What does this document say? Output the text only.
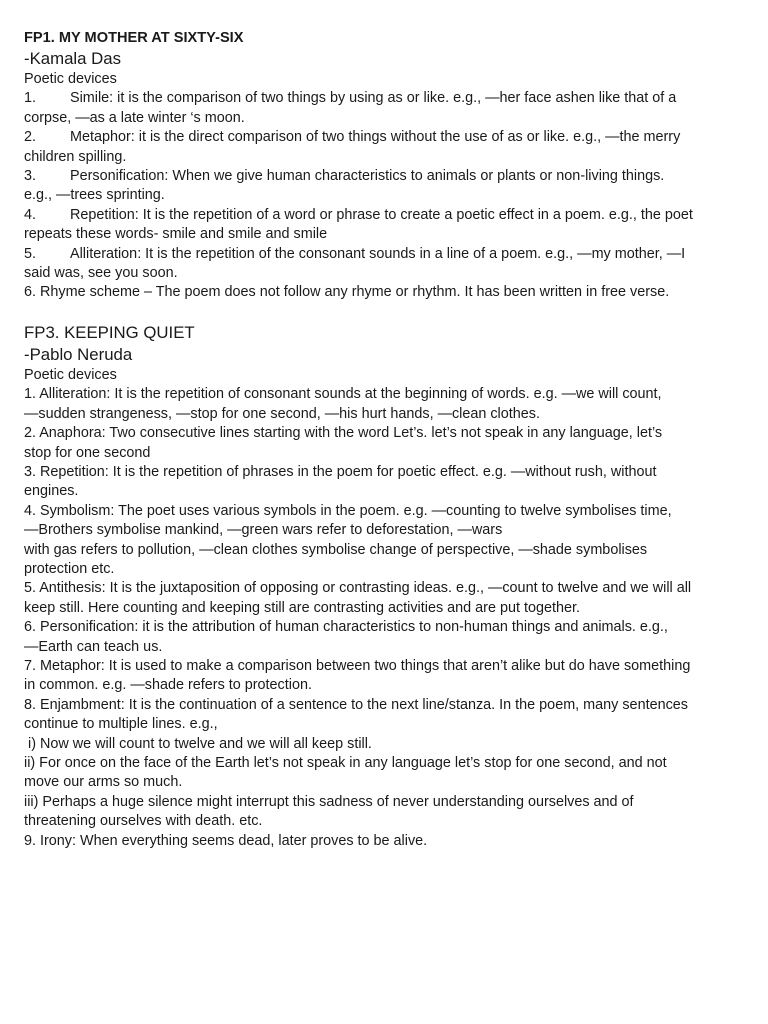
FP1. MY MOTHER AT SIXTY-SIX

-Kamala Das

Poetic devices

1. Simile: it is the comparison of two things by using as or like. e.g., —her face ashen like that of a

corpse, —as a late winter ‘s moon.

2. Metaphor: it is the direct comparison of two things without the use of as or like. e.g., —the merry

children spilling.

3. Personification: When we give human characteristics to animals or plants or non-living things.

e.g., —trees sprinting.

4. Repetition: It is the repetition of a word or phrase to create a poetic effect in a poem. e.g., the poet

repeats these words- smile and smile and smile

5. Alliteration: It is the repetition of the consonant sounds in a line of a poem. e.g., —my mother, —I

said was, see you soon.

6. Rhyme scheme – The poem does not follow any rhyme or rhythm. It has been written in free verse.

FP3. KEEPING QUIET

-Pablo Neruda

Poetic devices

1. Alliteration: It is the repetition of consonant sounds at the beginning of words. e.g. —we will count,

—sudden strangeness, —stop for one second, —his hurt hands, —clean clothes.

2. Anaphora: Two consecutive lines starting with the word Let’s. let’s not speak in any language, let’s

stop for one second

3. Repetition: It is the repetition of phrases in the poem for poetic effect. e.g. —without rush, without

engines.

4. Symbolism: The poet uses various symbols in the poem. e.g. —counting to twelve symbolises time,

—Brothers symbolise mankind, —green wars refer to deforestation, —wars

with gas refers to pollution, —clean clothes symbolise change of perspective, —shade symbolises

protection etc.

5. Antithesis: It is the juxtaposition of opposing or contrasting ideas. e.g., —count to twelve and we will all

keep still. Here counting and keeping still are contrasting activities and are put together.

6. Personification: it is the attribution of human characteristics to non-human things and animals. e.g.,

—Earth can teach us.

7. Metaphor: It is used to make a comparison between two things that aren’t alike but do have something

in common. e.g. —shade refers to protection.

8. Enjambment: It is the continuation of a sentence to the next line/stanza. In the poem, many sentences

continue to multiple lines. e.g.,

i) Now we will count to twelve and we will all keep still.

ii) For once on the face of the Earth let’s not speak in any language let’s stop for one second, and not

move our arms so much.

iii) Perhaps a huge silence might interrupt this sadness of never understanding ourselves and of

threatening ourselves with death. etc.

9. Irony: When everything seems dead, later proves to be alive.
